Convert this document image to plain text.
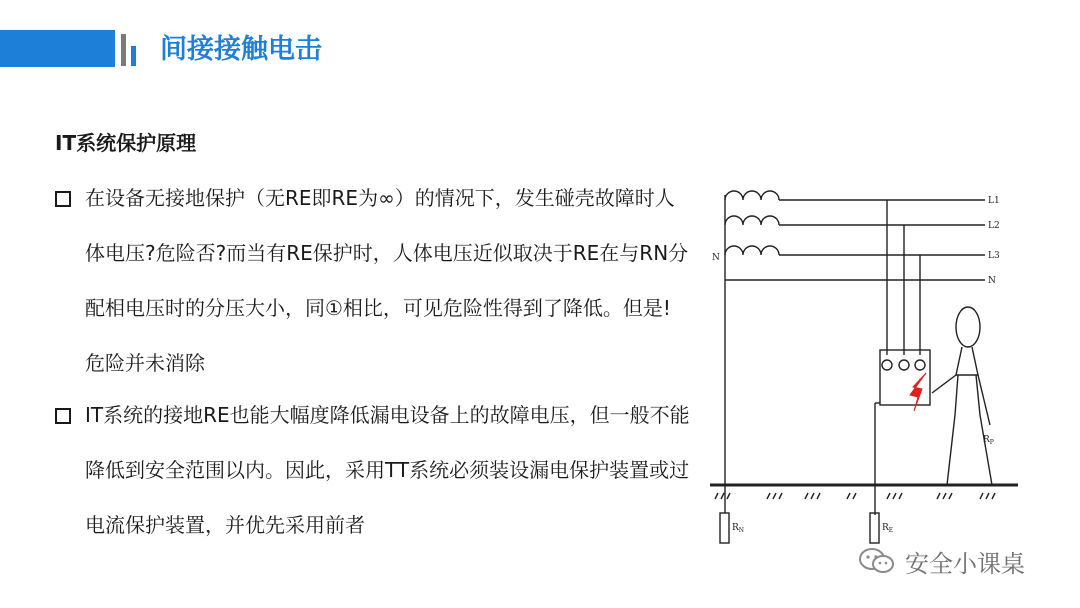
间接接触电击
IT系统保护原理
在设备无接地保护（无RE即RE为∞）的情况下，发生碰壳故障时人体电压?危险否?而当有RE保护时，人体电压近似取决于RE在与RN分配相电压时的分压大小，同①相比，可见危险性得到了降低。但是! 危险并未消除
IT系统的接地RE也能大幅度降低漏电设备上的故障电压，但一般不能降低到安全范围以内。因此，采用TT系统必须装设漏电保护装置或过电流保护装置，并优先采用前者
L1
L2
L3
N
N
$R_N$	$R_E$
$R_P$
安全小课桌
